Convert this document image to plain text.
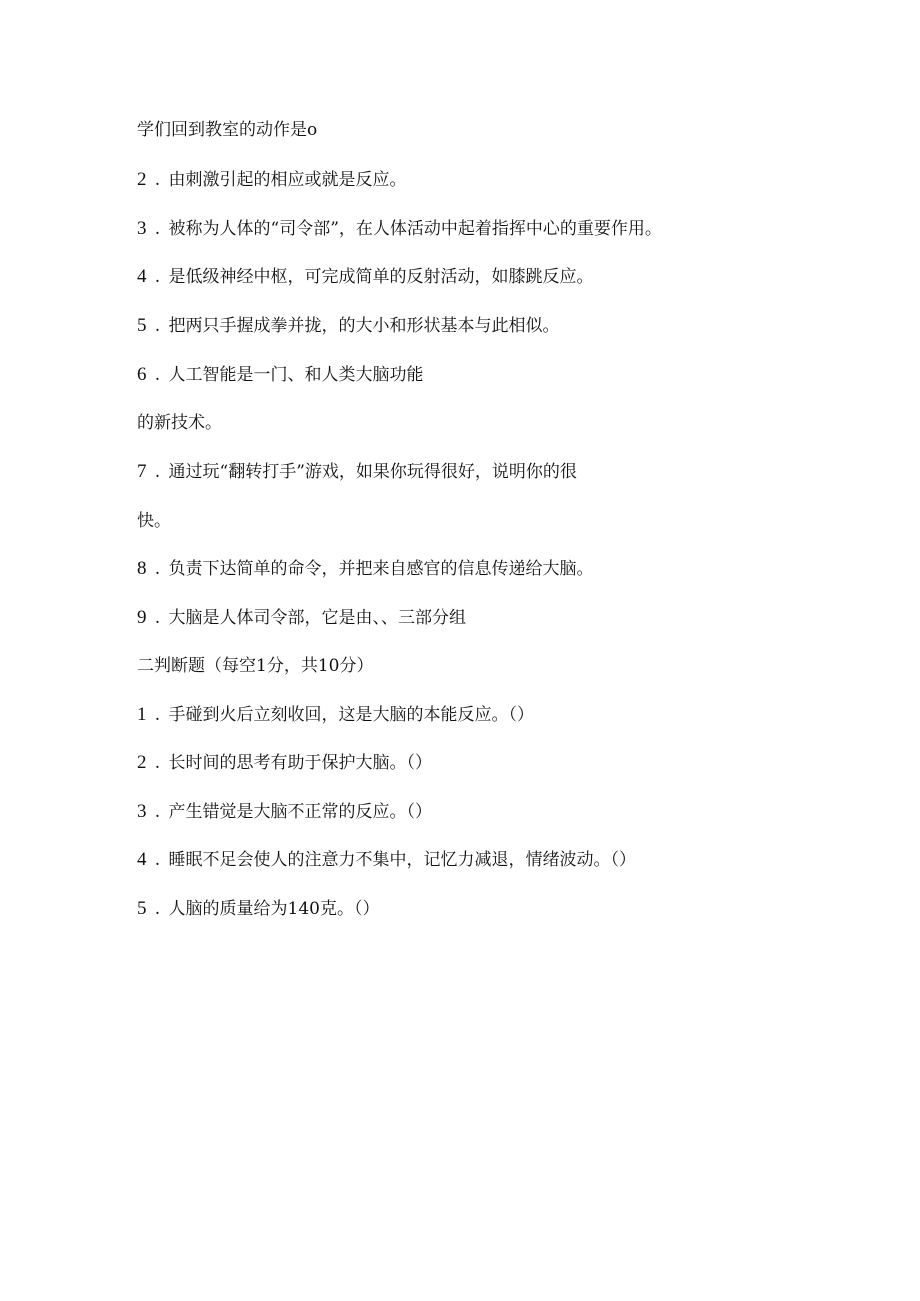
学们回到教室的动作是o
2 . 由刺激引起的相应或就是反应。
3 . 被称为人体的“司令部”，在人体活动中起着指挥中心的重要作用。
4 . 是低级神经中枢，可完成简单的反射活动，如膝跳反应。
5 . 把两只手握成拳并拢，的大小和形状基本与此相似。
6 . 人工智能是一门、和人类大脑功能
的新技术。
7 . 通过玩“翻转打手”游戏，如果你玩得很好，说明你的很
快。
8 . 负责下达简单的命令，并把来自感官的信息传递给大脑。
9 . 大脑是人体司令部，它是由、、三部分组
二判断题（每空1分，共10分）
1 . 手碰到火后立刻收回，这是大脑的本能反应。（）
2 . 长时间的思考有助于保护大脑。（）
3 . 产生错觉是大脑不正常的反应。（）
4 . 睡眠不足会使人的注意力不集中，记忆力减退，情绪波动。（）
5 . 人脑的质量给为140克。（）
